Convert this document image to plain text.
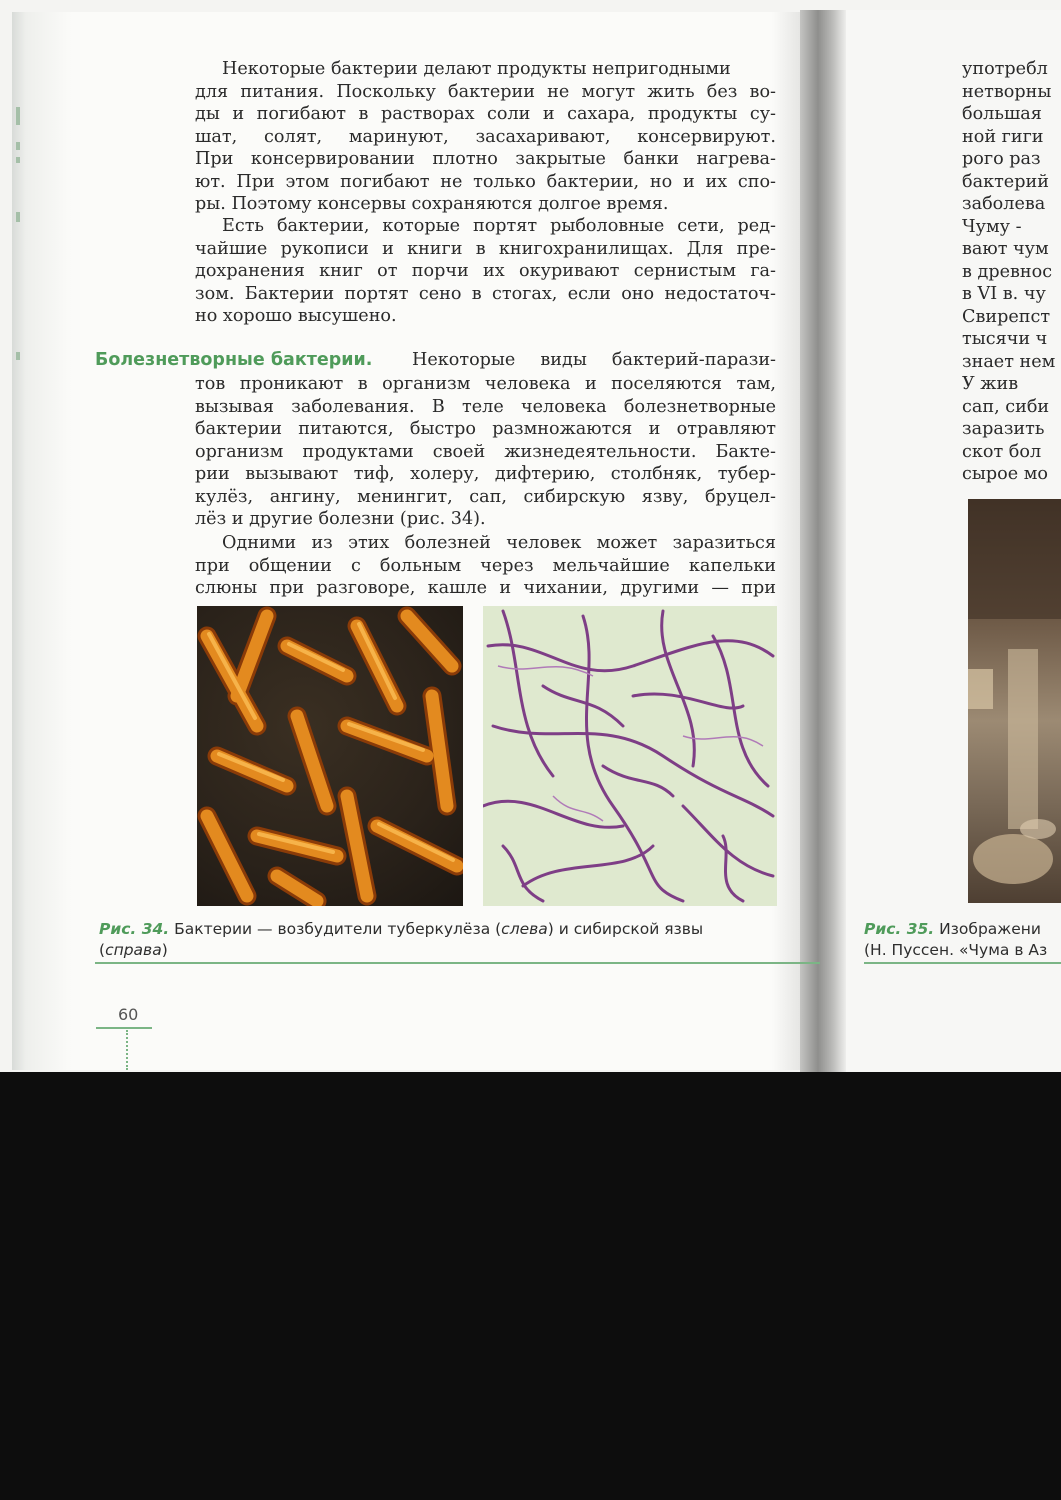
Некоторые бактерии делают продукты непригодными
для питания. Поскольку бактерии не могут жить без во-
ды и погибают в растворах соли и сахара, продукты су-
шат, солят, маринуют, засахаривают, консервируют.
При консервировании плотно закрытые банки нагрева-
ют. При этом погибают не только бактерии, но и их спо-
ры. Поэтому консервы сохраняются долгое время.
Есть бактерии, которые портят рыболовные сети, ред-
чайшие рукописи и книги в книгохранилищах. Для пре-
дохранения книг от порчи их окуривают сернистым га-
зом. Бактерии портят сено в стогах, если оно недостаточ-
но хорошо высушено.
Болезнетворные бактерии. Некоторые виды бактерий-парази-
тов проникают в организм человека и поселяются там,
вызывая заболевания. В теле человека болезнетворные
бактерии питаются, быстро размножаются и отравляют
организм продуктами своей жизнедеятельности. Бакте-
рии вызывают тиф, холеру, дифтерию, столбняк, тубер-
кулёз, ангину, менингит, сап, сибирскую язву, бруцел-
лёз и другие болезни (рис. 34).
Одними из этих болезней человек может заразиться
при общении с больным через мельчайшие капельки
слюны при разговоре, кашле и чихании, другими — при
Рис. 34. Бактерии — возбудители туберкулёза (слева) и сибирской язвы
(справа)
60
употребл
нетворны
большая
ной гиги
рого раз
бактерий
заболева
Чуму -
вают чум
в древнос
в VI в. чу
Свирепст
тысячи ч
знает нем
У жив
сап, сиби
заразить
скот бол
сырое мо
Рис. 35. Изображени
(Н. Пуссен. «Чума в Аз
